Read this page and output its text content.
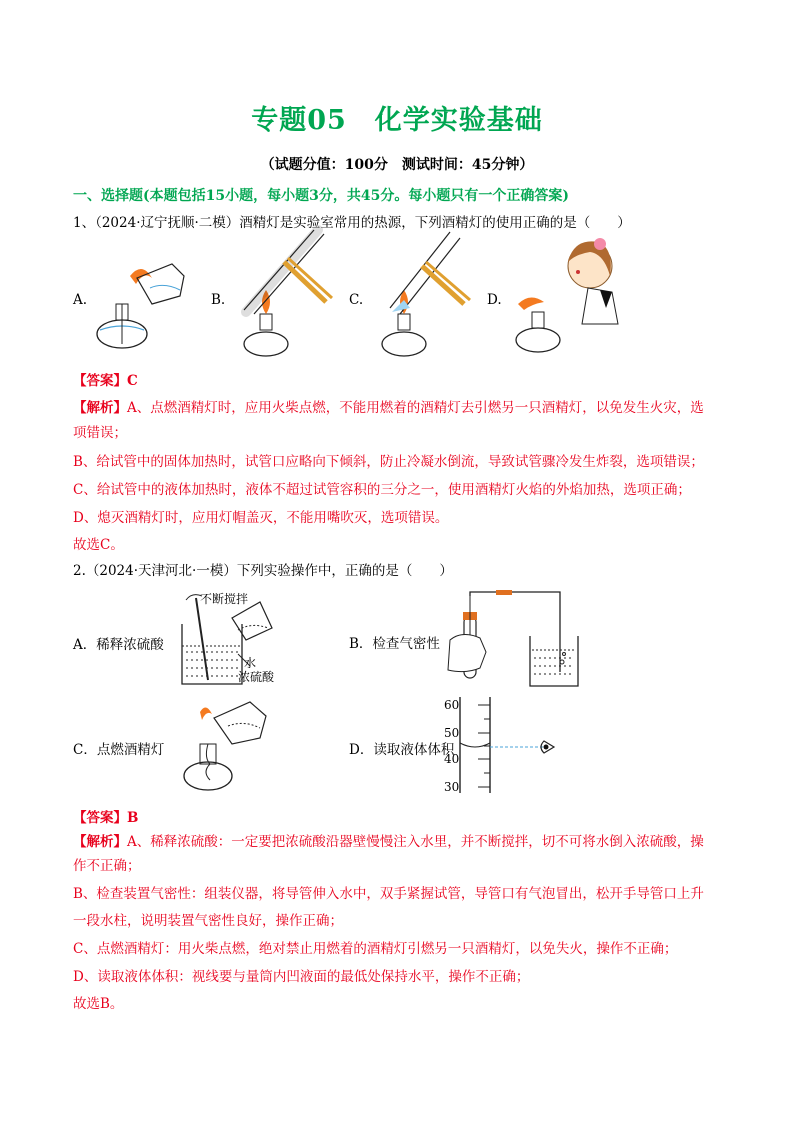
专题05 化学实验基础
（试题分值：100分　测试时间：45分钟）
一、选择题(本题包括15小题，每小题3分，共45分。每小题只有一个正确答案)
1、（2024·辽宁抚顺·二模）酒精灯是实验室常用的热源，下列酒精灯的使用正确的是（　　）
A.	B.	C.	D.
【答案】C
【解析】A、点燃酒精灯时，应用火柴点燃，不能用燃着的酒精灯去引燃另一只酒精灯，以免发生火灾，选
项错误；
B、给试管中的固体加热时，试管口应略向下倾斜，防止冷凝水倒流，导致试管骤冷发生炸裂，选项错误；
C、给试管中的液体加热时，液体不超过试管容积的三分之一，使用酒精灯火焰的外焰加热，选项正确；
D、熄灭酒精灯时，应用灯帽盖灭，不能用嘴吹灭，选项错误。
故选C。
2.（2024·天津河北·一模）下列实验操作中，正确的是（　　）
A．稀释浓硫酸	B．检查气密性
C．点燃酒精灯	D．读取液体体积
不断搅拌
水
浓硫酸
60
50
40
30
【答案】B
【解析】A、稀释浓硫酸：一定要把浓硫酸沿器壁慢慢注入水里，并不断搅拌，切不可将水倒入浓硫酸，操
作不正确；
B、检查装置气密性：组装仪器，将导管伸入水中，双手紧握试管，导管口有气泡冒出，松开手导管口上升
一段水柱，说明装置气密性良好，操作正确；
C、点燃酒精灯：用火柴点燃，绝对禁止用燃着的酒精灯引燃另一只酒精灯，以免失火，操作不正确；
D、读取液体体积：视线要与量筒内凹液面的最低处保持水平，操作不正确；
故选B。
